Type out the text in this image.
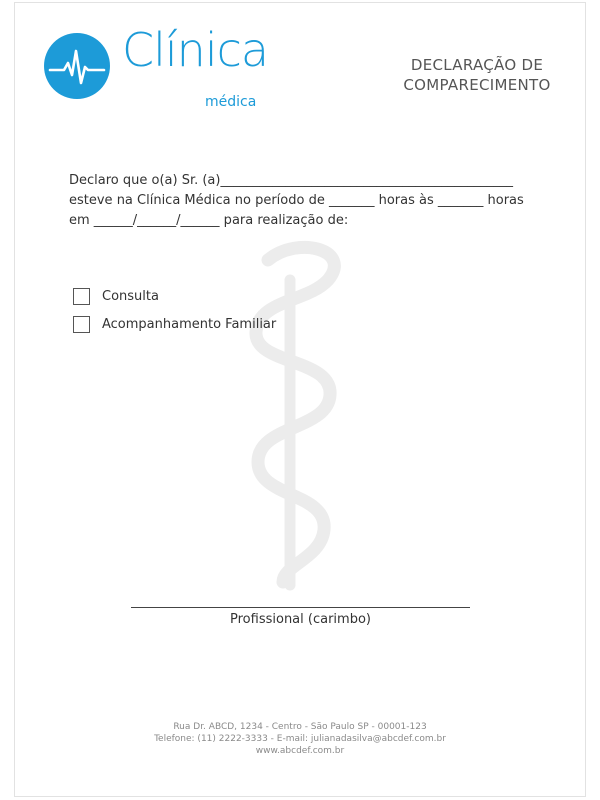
Clínica
médica
DECLARAÇÃO DE
COMPARECIMENTO
Declaro que o(a) Sr. (a)_____________________________________________
esteve na Clínica Médica no período de _______ horas às _______ horas
em ______/______/______ para realização de:
Consulta
Acompanhamento Familiar
Profissional (carimbo)
Rua Dr. ABCD, 1234 - Centro - São Paulo SP - 00001-123
Telefone: (11) 2222-3333 - E-mail: julianadasilva@abcdef.com.br
www.abcdef.com.br
